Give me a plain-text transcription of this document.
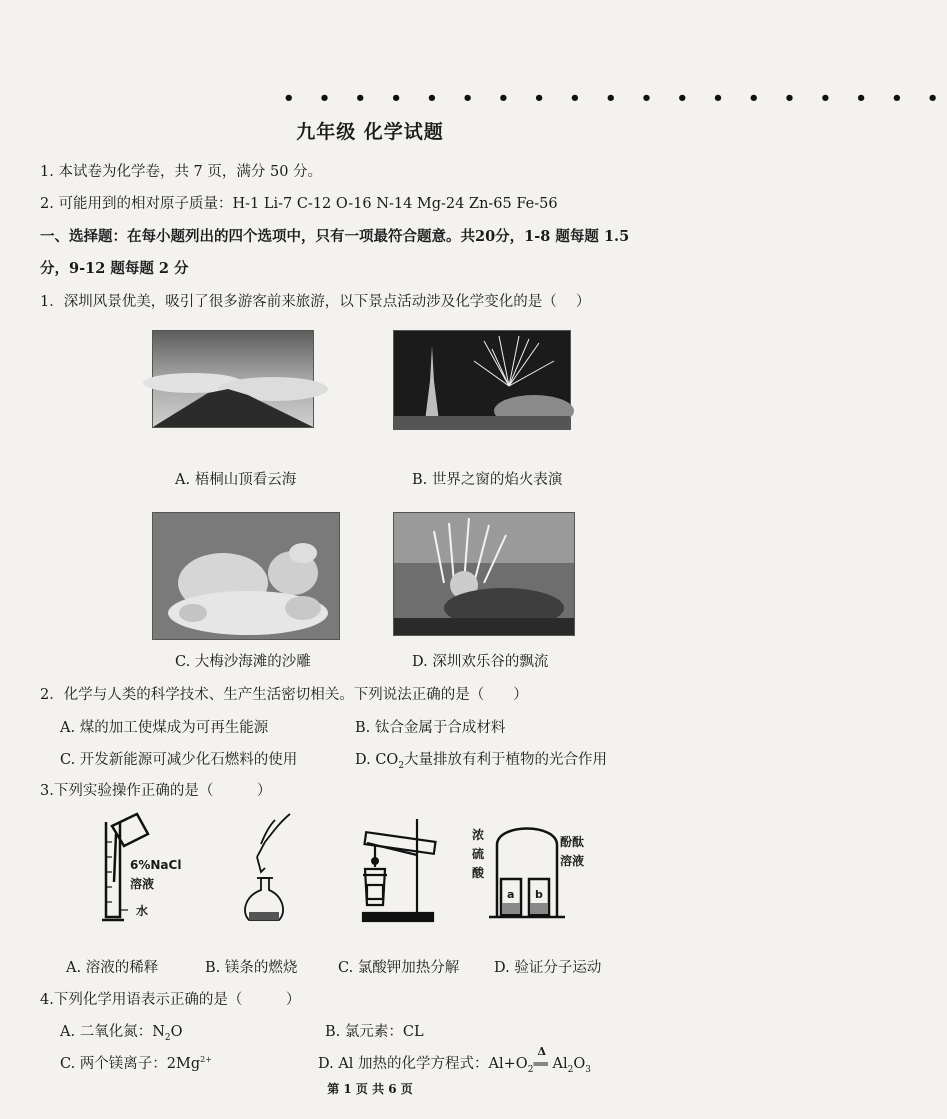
• • • • • • • • • • • • • • • • • • •
九年级 化学试题
1. 本试卷为化学卷，共 7 页，满分 50 分。
2. 可能用到的相对原子质量：H-1 Li-7 C-12 O-16 N-14 Mg-24 Zn-65 Fe-56
一、选择题：在每小题列出的四个选项中，只有一项最符合题意。共20分，1-8 题每题 1.5
分，9-12 题每题 2 分
1．深圳风景优美，吸引了很多游客前来旅游，以下景点活动涉及化学变化的是（　 ）
A. 梧桐山顶看云海	B. 世界之窗的焰火表演
C. 大梅沙海滩的沙雕	D. 深圳欢乐谷的飘流
2．化学与人类的科学技术、生产生活密切相关。下列说法正确的是（　　）
A. 煤的加工使煤成为可再生能源	B. 钛合金属于合成材料
C. 开发新能源可减少化石燃料的使用	D. $CO_2$大量排放有利于植物的光合作用
3.下列实验操作正确的是（　　　）
6%NaCl
溶液
水
浓
硫
酸
酚酞
溶液
a b
A. 溶液的稀释	B. 镁条的燃烧	C. 氯酸钾加热分解 D. 验证分子运动
4.下列化学用语表示正确的是（　　　）
A. 二氧化氮：$N_2O$	B. 氯元素：CL
C. 两个镁离子：$2Mg^{2+}$	D. Al 加热的化学方程式：$Al+O_2$
Δ
══ $Al_2O_3$
第 1 页 共 6 页
